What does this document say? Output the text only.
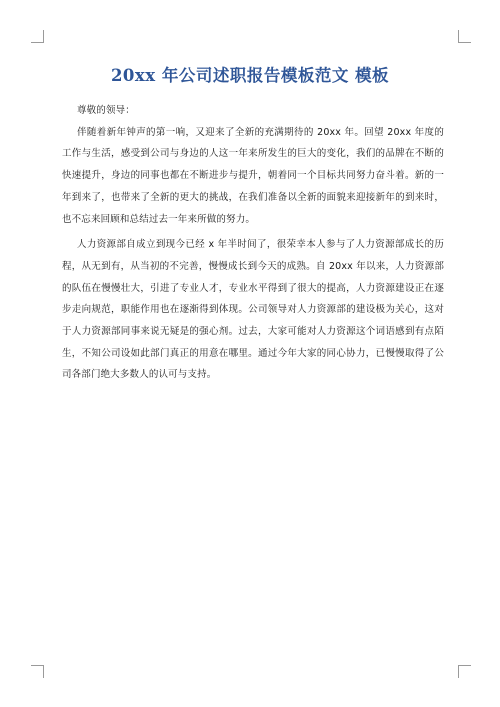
20xx 年公司述职报告模板范文 模板

尊敬的领导：

伴随着新年钟声的第一响，又迎来了全新的充满期待的 20xx 年。回望 20xx 年度的工作与生活，感受到公司与身边的人这一年来所发生的巨大的变化，我们的品牌在不断的快速提升，身边的同事也都在不断进步与提升，朝着同一个目标共同努力奋斗着。新的一年到来了，也带来了全新的更大的挑战，在我们准备以全新的面貌来迎接新年的到来时，也不忘来回顾和总结过去一年来所做的努力。

人力资源部自成立到现今已经 x 年半时间了，很荣幸本人参与了人力资源部成长的历程，从无到有，从当初的不完善，慢慢成长到今天的成熟。自 20xx 年以来，人力资源部的队伍在慢慢壮大，引进了专业人才，专业水平得到了很大的提高，人力资源建设正在逐步走向规范，职能作用也在逐渐得到体现。公司领导对人力资源部的建设极为关心，这对于人力资源部同事来说无疑是的强心剂。过去，大家可能对人力资源这个词语感到有点陌生，不知公司设如此部门真正的用意在哪里。通过今年大家的同心协力，已慢慢取得了公司各部门绝大多数人的认可与支持。
